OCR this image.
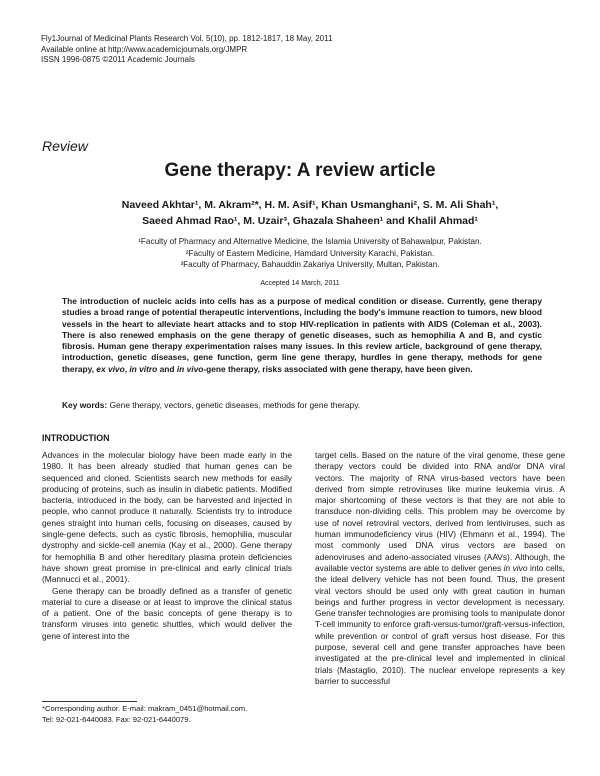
Fly1Journal of Medicinal Plants Research Vol. 5(10), pp. 1812-1817, 18 May, 2011
Available online at http://www.academicjournals.org/JMPR
ISSN 1996-0875 ©2011 Academic Journals
Review
Gene therapy: A review article
Naveed Akhtar¹, M. Akram²*, H. M. Asif¹, Khan Usmanghani², S. M. Ali Shah¹,
Saeed Ahmad Rao¹, M. Uzair³, Ghazala Shaheen¹ and Khalil Ahmad¹
¹Faculty of Pharmacy and Alternative Medicine, the Islamia University of Bahawalpur, Pakistan.
²Faculty of Eastern Medicine, Hamdard University Karachi, Pakistan.
³Faculty of Pharmacy, Bahauddin Zakariya University, Multan, Pakistan.
Accepted 14 March, 2011
The introduction of nucleic acids into cells has as a purpose of medical condition or disease. Currently, gene therapy studies a broad range of potential therapeutic interventions, including the body's immune reaction to tumors, new blood vessels in the heart to alleviate heart attacks and to stop HIV-replication in patients with AIDS (Coleman et al., 2003). There is also renewed emphasis on the gene therapy of genetic diseases, such as hemophilia A and B, and cystic fibrosis. Human gene therapy experimentation raises many issues. In this review article, background of gene therapy, introduction, genetic diseases, gene function, germ line gene therapy, hurdles in gene therapy, methods for gene therapy, ex vivo, in vitro and in vivo-gene therapy, risks associated with gene therapy, have been given.
Key words: Gene therapy, vectors, genetic diseases, methods for gene therapy.
INTRODUCTION

Advances in the molecular biology have been made early in the 1980. It has been already studied that human genes can be sequenced and cloned. Scientists search new methods for easily producing of proteins, such as insulin in diabetic patients. Modified bacteria, introduced in the body, can be harvested and injected in people, who cannot produce it naturally. Scientists try to introduce genes straight into human cells, focusing on diseases, caused by single-gene defects, such as cystic fibrosis, hemophilia, muscular dystrophy and sickle-cell anemia (Kay et al., 2000). Gene therapy for hemophilia B and other hereditary plasma protein deficiencies have shown great promise in pre-clinical and early clinical trials (Mannucci et al., 2001).

Gene therapy can be broadly defined as a transfer of genetic material to cure a disease or at least to improve the clinical status of a patient. One of the basic concepts of gene therapy is to transform viruses into genetic shuttles, which would deliver the gene of interest into the

target cells. Based on the nature of the viral genome, these gene therapy vectors could be divided into RNA and/or DNA viral vectors. The majority of RNA virus-based vectors have been derived from simple retroviruses like murine leukemia virus. A major shortcoming of these vectors is that they are not able to transduce non-dividing cells. This problem may be overcome by use of novel retroviral vectors, derived from lentiviruses, such as human immunodeficiency virus (HIV) (Ehmann et al., 1994). The most commonly used DNA virus vectors are based on adenoviruses and adeno-associated viruses (AAVs). Although, the available vector systems are able to deliver genes in vivo into cells, the ideal delivery vehicle has not been found. Thus, the present viral vectors should be used only with great caution in human beings and further progress in vector development is necessary. Gene transfer technologies are promising tools to manipulate donor T-cell immunity to enforce graft-versus-tumor/graft-versus-infection, while prevention or control of graft versus host disease. For this purpose, several cell and gene transfer approaches have been investigated at the pre-clinical level and implemented in clinical trials (Mastaglio, 2010). The nuclear envelope represents a key barrier to successful

*Corresponding author. E-mail: makram_0451@hotmail.com.
Tel: 92-021-6440083. Fax: 92-021-6440079.
